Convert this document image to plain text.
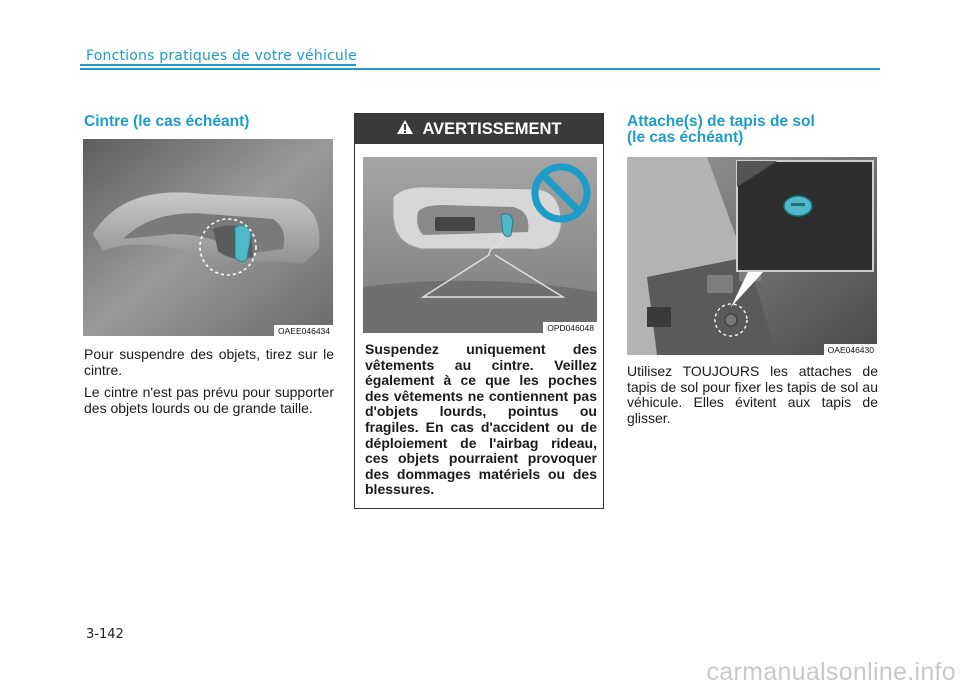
Fonctions pratiques de votre véhicule
Cintre (le cas échéant)
OAEE046434

Pour suspendre des objets, tirez sur le cintre.

Le cintre n'est pas prévu pour supporter des objets lourds ou de grande taille.

AVERTISSEMENT
OPD046048
Suspendez uniquement des vêtements au cintre. Veillez également à ce que les poches des vêtements ne contiennent pas d'objets lourds, pointus ou fragiles. En cas d'accident ou de déploiement de l'airbag rideau, ces objets pourraient provoquer des dommages matériels ou des blessures.
Attache(s) de tapis de sol
(le cas échéant)
OAE046430

Utilisez TOUJOURS les attaches de tapis de sol pour fixer les tapis de sol au véhicule. Elles évitent aux tapis de glisser.

3-142
carmanualsonline.info
